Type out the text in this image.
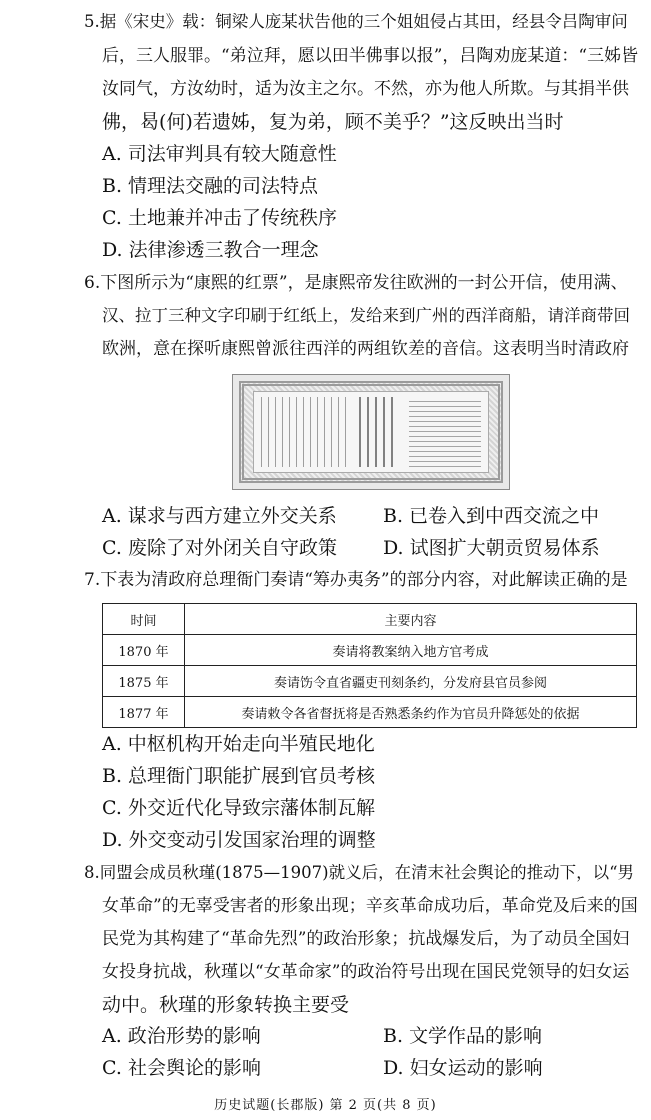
5.据《宋史》载：铜梁人庞某状告他的三个姐姐侵占其田，经县令吕陶审问
后，三人服罪。“弟泣拜，愿以田半佛事以报”，吕陶劝庞某道：“三姊皆
汝同气，方汝幼时，适为汝主之尔。不然，亦为他人所欺。与其捐半供
佛，曷(何)若遗姊，复为弟，顾不美乎？”这反映出当时
A. 司法审判具有较大随意性
B. 情理法交融的司法特点
C. 土地兼并冲击了传统秩序
D. 法律渗透三教合一理念
6.下图所示为“康熙的红票”，是康熙帝发往欧洲的一封公开信，使用满、
汉、拉丁三种文字印刷于红纸上，发给来到广州的西洋商船，请洋商带回
欧洲，意在探听康熙曾派往西洋的两组钦差的音信。这表明当时清政府
A. 谋求与西方建立外交关系 B. 已卷入到中西交流之中
C. 废除了对外闭关自守政策 D. 试图扩大朝贡贸易体系
7.下表为清政府总理衙门奏请“筹办夷务”的部分内容，对此解读正确的是
时间	主要内容
1870 年	奏请将教案纳入地方官考成
1875 年	奏请饬令直省疆吏刊刻条约，分发府县官员参阅
1877 年	奏请敕令各省督抚将是否熟悉条约作为官员升降惩处的依据
A. 中枢机构开始走向半殖民地化
B. 总理衙门职能扩展到官员考核
C. 外交近代化导致宗藩体制瓦解
D. 外交变动引发国家治理的调整
8.同盟会成员秋瑾(1875—1907)就义后，在清末社会舆论的推动下，以“男
女革命”的无辜受害者的形象出现；辛亥革命成功后，革命党及后来的国
民党为其构建了“革命先烈”的政治形象；抗战爆发后，为了动员全国妇
女投身抗战，秋瑾以“女革命家”的政治符号出现在国民党领导的妇女运
动中。秋瑾的形象转换主要受
A. 政治形势的影响	B. 文学作品的影响
C. 社会舆论的影响	D. 妇女运动的影响
历史试题(长郡版) 第 2 页(共 8 页)
